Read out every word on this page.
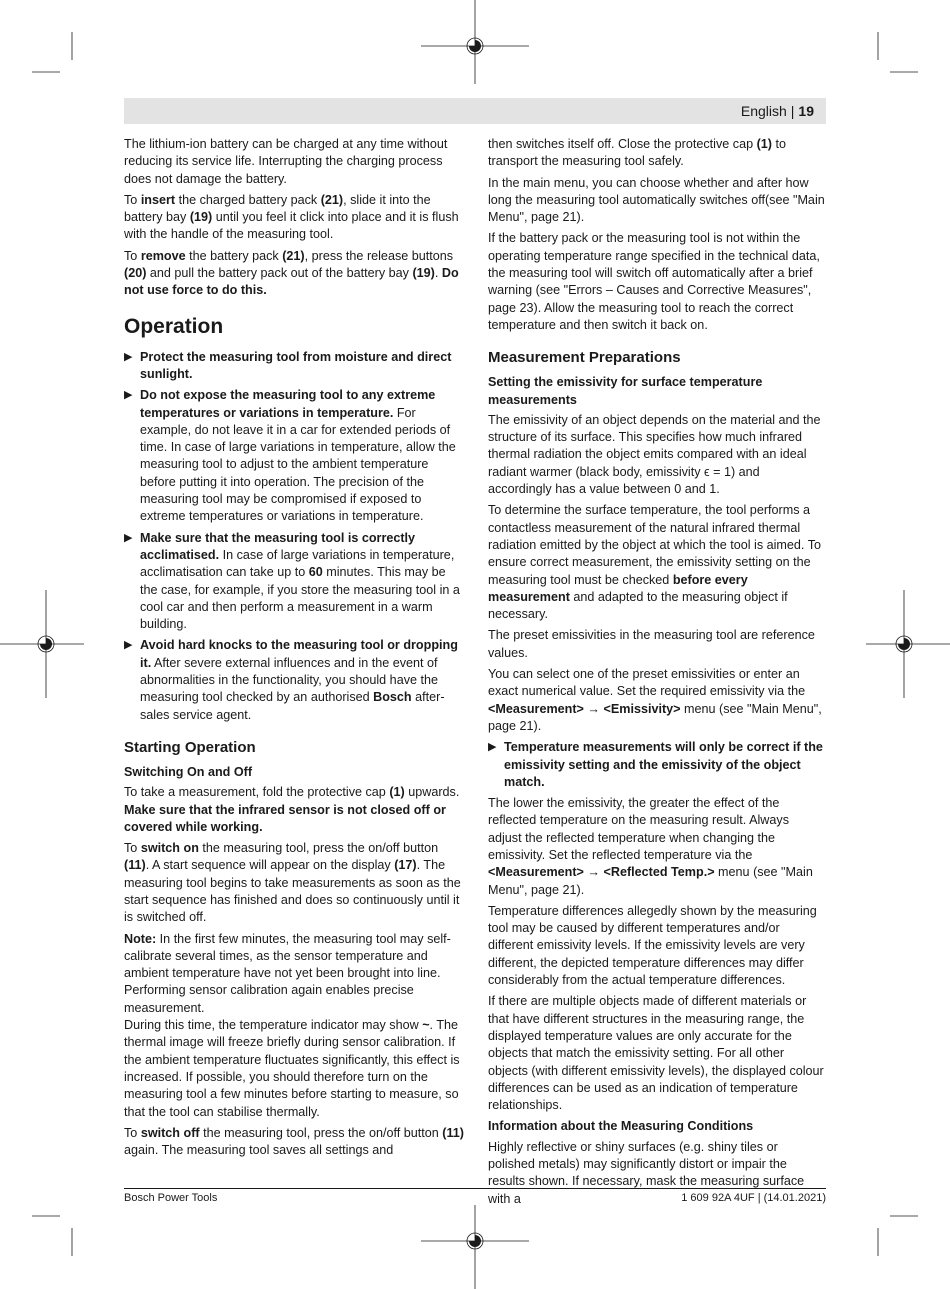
English | 19

The lithium-ion battery can be charged at any time without reducing its service life. Interrupting the charging process does not damage the battery.

To insert the charged battery pack (21), slide it into the battery bay (19) until you feel it click into place and it is flush with the handle of the measuring tool.

To remove the battery pack (21), press the release buttons (20) and pull the battery pack out of the battery bay (19). Do not use force to do this.

Operation
▶ Protect the measuring tool from moisture and direct sunlight.
▶ Do not expose the measuring tool to any extreme temperatures or variations in temperature. For example, do not leave it in a car for extended periods of time. In case of large variations in temperature, allow the measuring tool to adjust to the ambient temperature before putting it into operation. The precision of the measuring tool may be compromised if exposed to extreme temperatures or variations in temperature.
▶ Make sure that the measuring tool is correctly acclimatised. In case of large variations in temperature, acclimatisation can take up to 60 minutes. This may be the case, for example, if you store the measuring tool in a cool car and then perform a measurement in a warm building.
▶ Avoid hard knocks to the measuring tool or dropping it. After severe external influences and in the event of abnormalities in the functionality, you should have the measuring tool checked by an authorised Bosch after-sales service agent.
Starting Operation
Switching On and Off

To take a measurement, fold the protective cap (1) upwards. Make sure that the infrared sensor is not closed off or covered while working.

To switch on the measuring tool, press the on/off button (11). A start sequence will appear on the display (17). The measuring tool begins to take measurements as soon as the start sequence has finished and does so continuously until it is switched off.

Note: In the first few minutes, the measuring tool may self-calibrate several times, as the sensor temperature and ambient temperature have not yet been brought into line. Performing sensor calibration again enables precise measurement.

During this time, the temperature indicator may show ~. The thermal image will freeze briefly during sensor calibration. If the ambient temperature fluctuates significantly, this effect is increased. If possible, you should therefore turn on the measuring tool a few minutes before starting to measure, so that the tool can stabilise thermally.

To switch off the measuring tool, press the on/off button (11) again. The measuring tool saves all settings and

then switches itself off. Close the protective cap (1) to transport the measuring tool safely.

In the main menu, you can choose whether and after how long the measuring tool automatically switches off(see "Main Menu", page 21).

If the battery pack or the measuring tool is not within the operating temperature range specified in the technical data, the measuring tool will switch off automatically after a brief warning (see "Errors – Causes and Corrective Measures", page 23). Allow the measuring tool to reach the correct temperature and then switch it back on.

Measurement Preparations
Setting the emissivity for surface temperature measurements

The emissivity of an object depends on the material and the structure of its surface. This specifies how much infrared thermal radiation the object emits compared with an ideal radiant warmer (black body, emissivity ϵ = 1) and accordingly has a value between 0 and 1.

To determine the surface temperature, the tool performs a contactless measurement of the natural infrared thermal radiation emitted by the object at which the tool is aimed. To ensure correct measurement, the emissivity setting on the measuring tool must be checked before every measurement and adapted to the measuring object if necessary.

The preset emissivities in the measuring tool are reference values.

You can select one of the preset emissivities or enter an exact numerical value. Set the required emissivity via the <Measurement> → <Emissivity> menu (see "Main Menu", page 21).

▶ Temperature measurements will only be correct if the emissivity setting and the emissivity of the object match.

The lower the emissivity, the greater the effect of the reflected temperature on the measuring result. Always adjust the reflected temperature when changing the emissivity. Set the reflected temperature via the <Measurement> → <Reflected Temp.> menu (see "Main Menu", page 21).

Temperature differences allegedly shown by the measuring tool may be caused by different temperatures and/or different emissivity levels. If the emissivity levels are very different, the depicted temperature differences may differ considerably from the actual temperature differences.

If there are multiple objects made of different materials or that have different structures in the measuring range, the displayed temperature values are only accurate for the objects that match the emissivity setting. For all other objects (with different emissivity levels), the displayed colour differences can be used as an indication of temperature relationships.

Information about the Measuring Conditions

Highly reflective or shiny surfaces (e.g. shiny tiles or polished metals) may significantly distort or impair the results shown. If necessary, mask the measuring surface with a

Bosch Power Tools	1 609 92A 4UF | (14.01.2021)
